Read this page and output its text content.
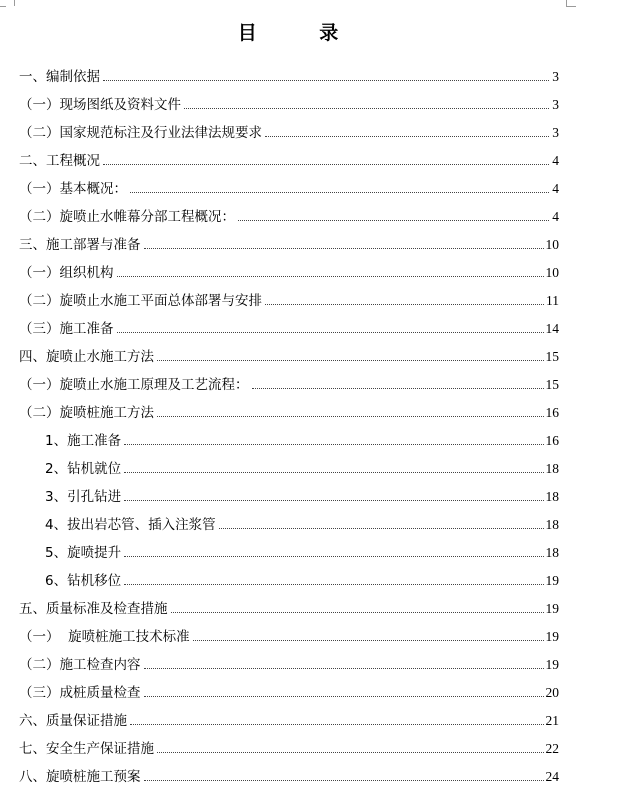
目 录
一、编制依据	3
（一）现场图纸及资料文件	3
（二）国家规范标注及行业法律法规要求	3
二、工程概况	4
（一）基本概况：	4
（二）旋喷止水帷幕分部工程概况：	4
三、施工部署与准备	10
（一）组织机构	10
（二）旋喷止水施工平面总体部署与安排	11
（三）施工准备	14
四、旋喷止水施工方法	15
（一）旋喷止水施工原理及工艺流程：	15
（二）旋喷桩施工方法	16
1、施工准备	16
2、钻机就位	18
3、引孔钻进	18
4、拔出岩芯管、插入注浆管	18
5、旋喷提升	18
6、钻机移位	19
五、质量标准及检查措施	19
（一）  旋喷桩施工技术标准	19
（二）施工检查内容	19
（三）成桩质量检查	20
六、质量保证措施	21
七、安全生产保证措施	22
八、旋喷桩施工预案	24
